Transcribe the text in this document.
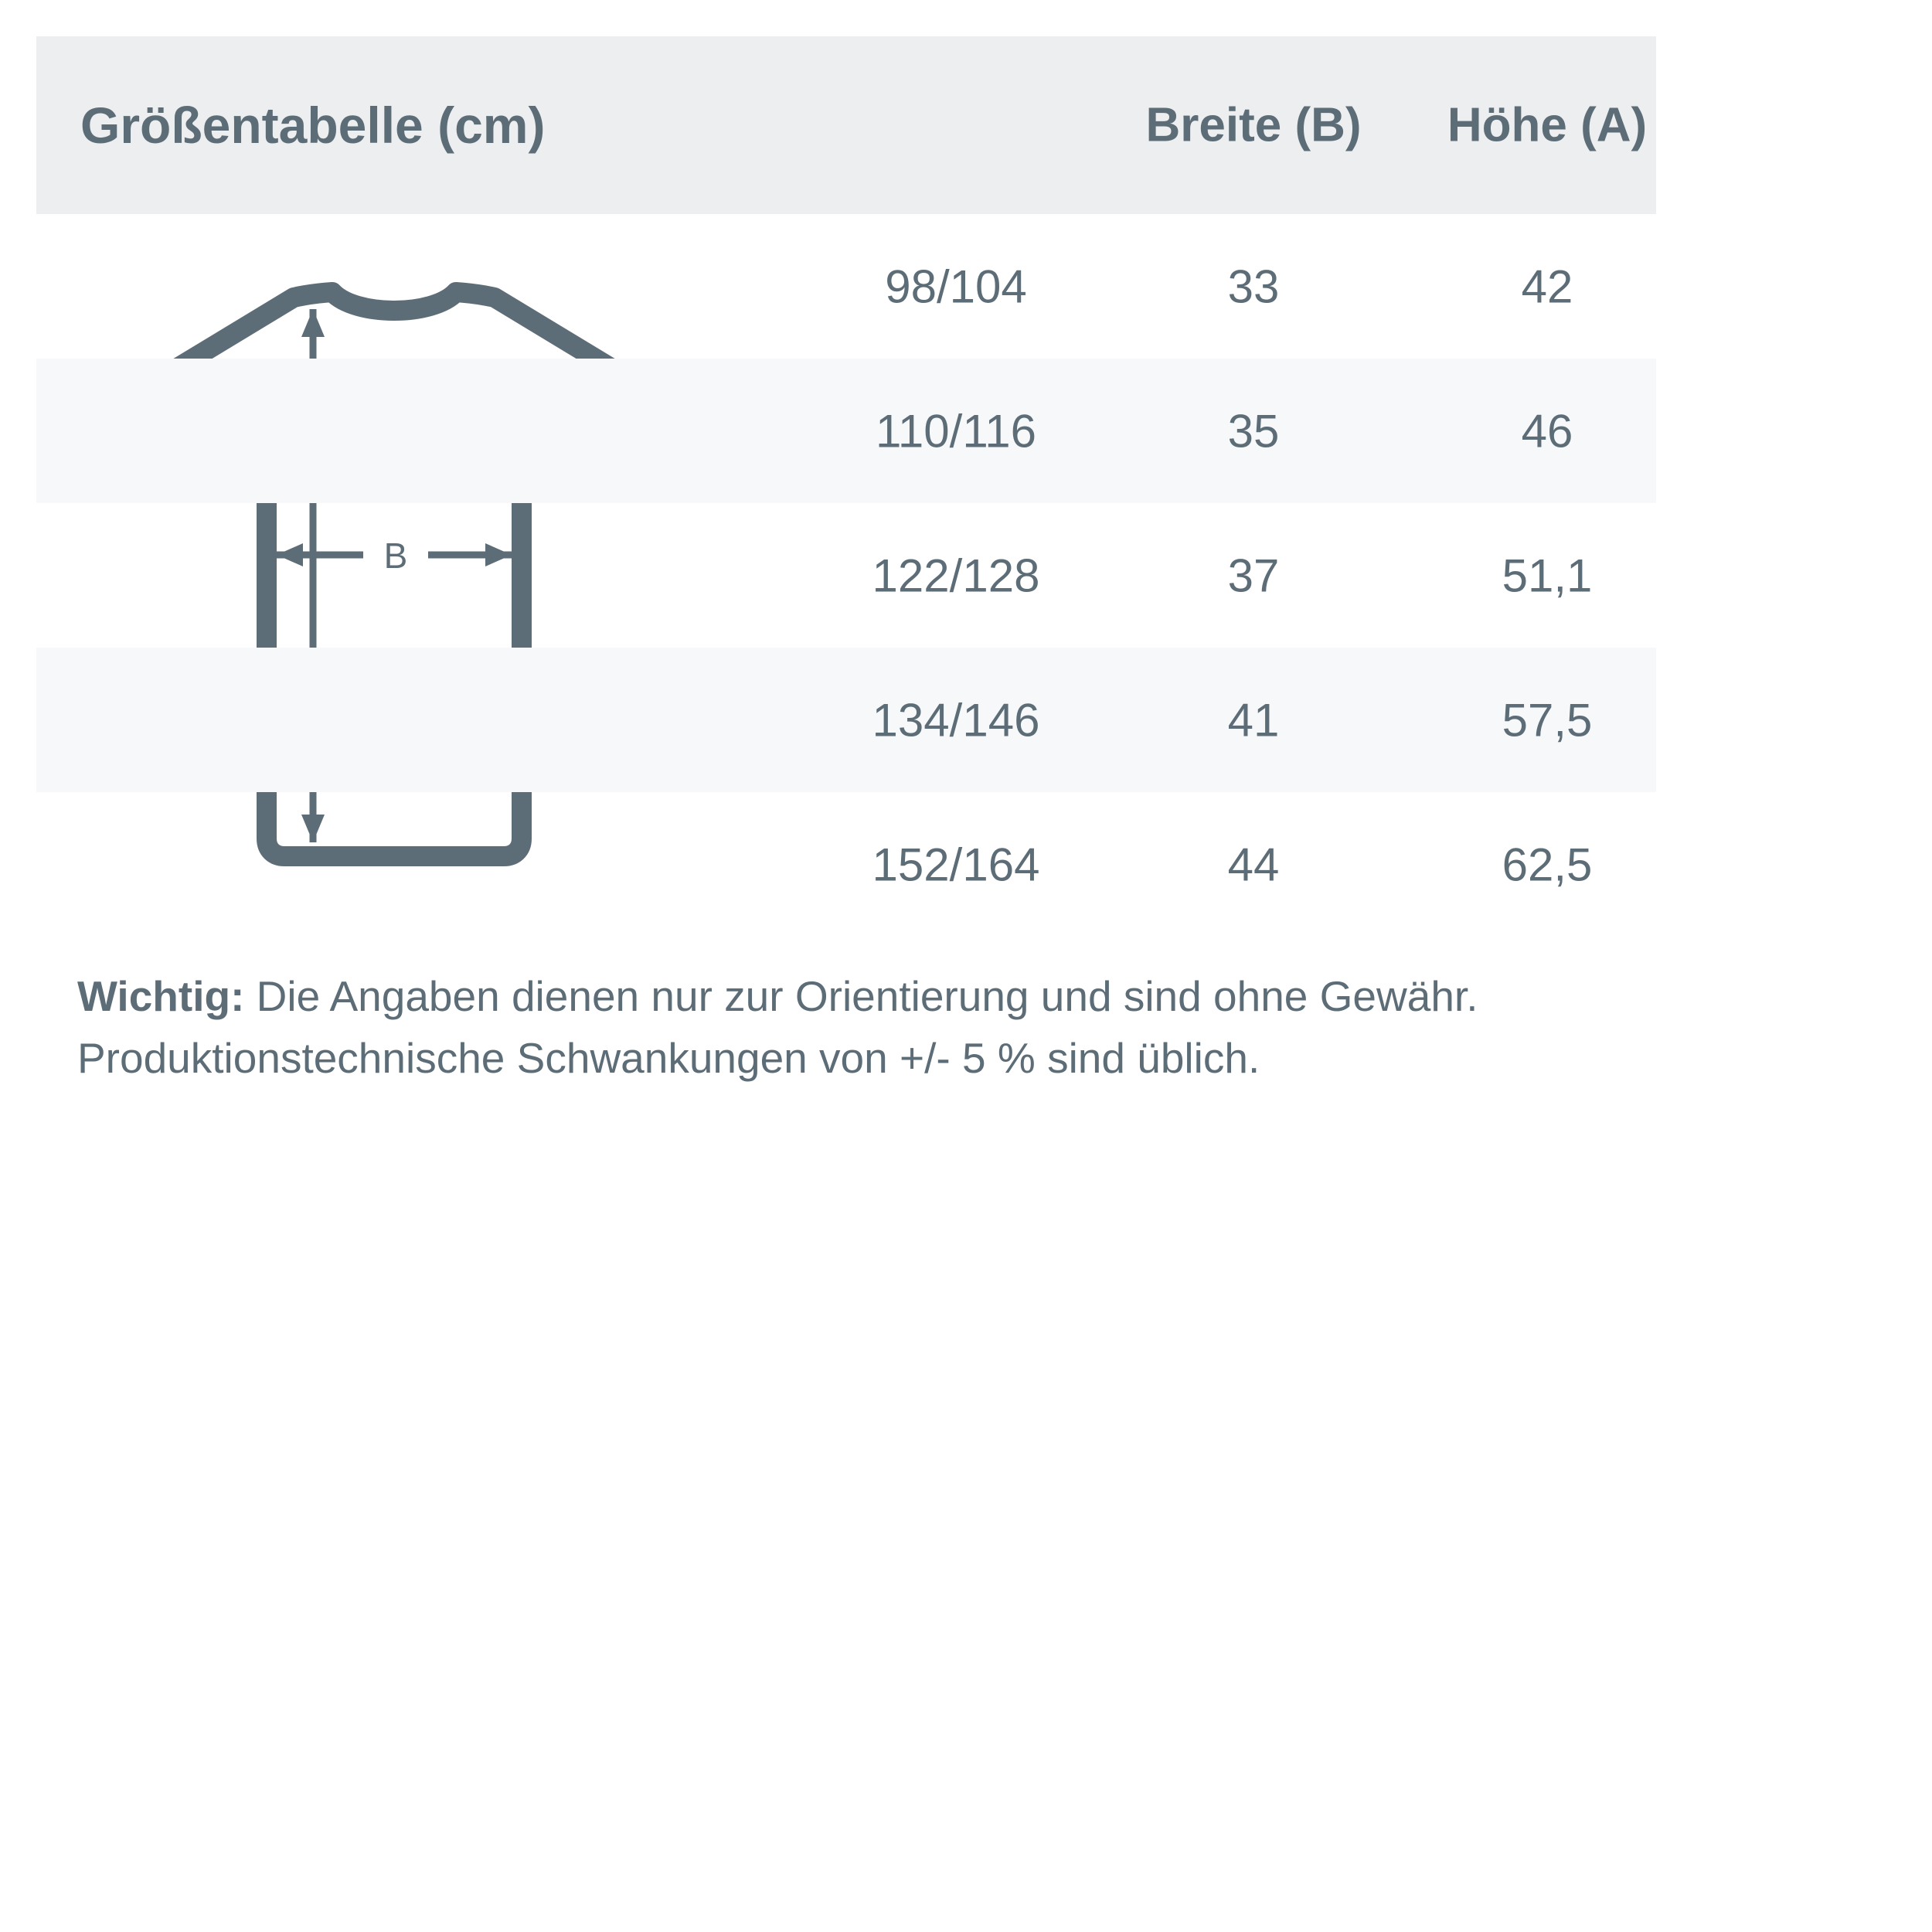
Größentabelle (cm)	Breite (B)	Höhe (A)
B
98/104	33	42
110/116	35	46
122/128	37	51,1
134/146	41	57,5
152/164	44	62,5
Wichtig: Die Angaben dienen nur zur Orientierung und sind ohne Gewähr. Produktionstechnische Schwankungen von +/- 5 % sind üblich.
